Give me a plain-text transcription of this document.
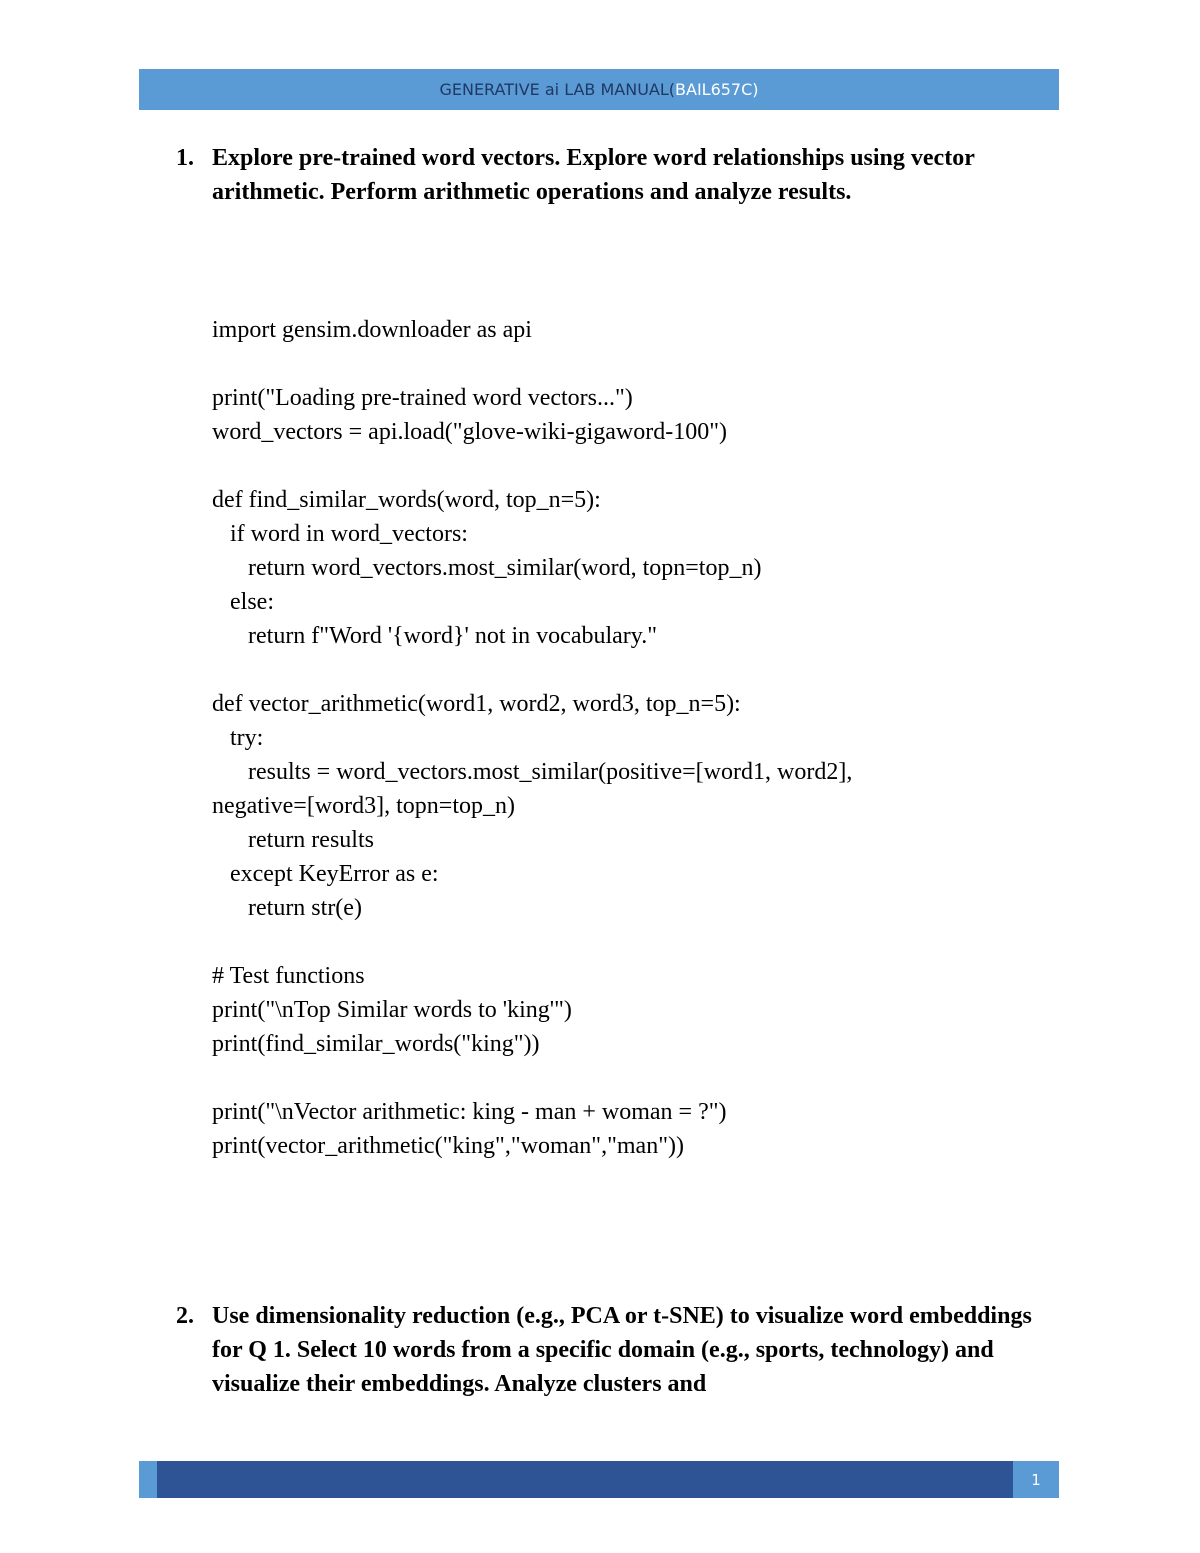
GENERATIVE ai LAB MANUAL( BAIL657C)
1. Explore pre-trained word vectors. Explore word relationships using vector arithmetic. Perform arithmetic operations and analyze results.
import gensim.downloader as api
print("Loading pre-trained word vectors...")
word_vectors = api.load("glove-wiki-gigaword-100")
def find_similar_words(word, top_n=5):
if word in word_vectors:
return word_vectors.most_similar(word, topn=top_n)
else:
return f"Word '{word}' not in vocabulary."
def vector_arithmetic(word1, word2, word3, top_n=5):
try:
results = word_vectors.most_similar(positive=[word1, word2],
negative=[word3], topn=top_n)
return results
except KeyError as e:
return str(e)
# Test functions
print("\nTop Similar words to 'king'")
print(find_similar_words("king"))
print("\nVector arithmetic: king - man + woman = ?")
print(vector_arithmetic("king","woman","man"))
2. Use dimensionality reduction (e.g., PCA or t-SNE) to visualize word embeddings for Q 1. Select 10 words from a specific domain (e.g., sports, technology) and visualize their embeddings. Analyze clusters and
1
